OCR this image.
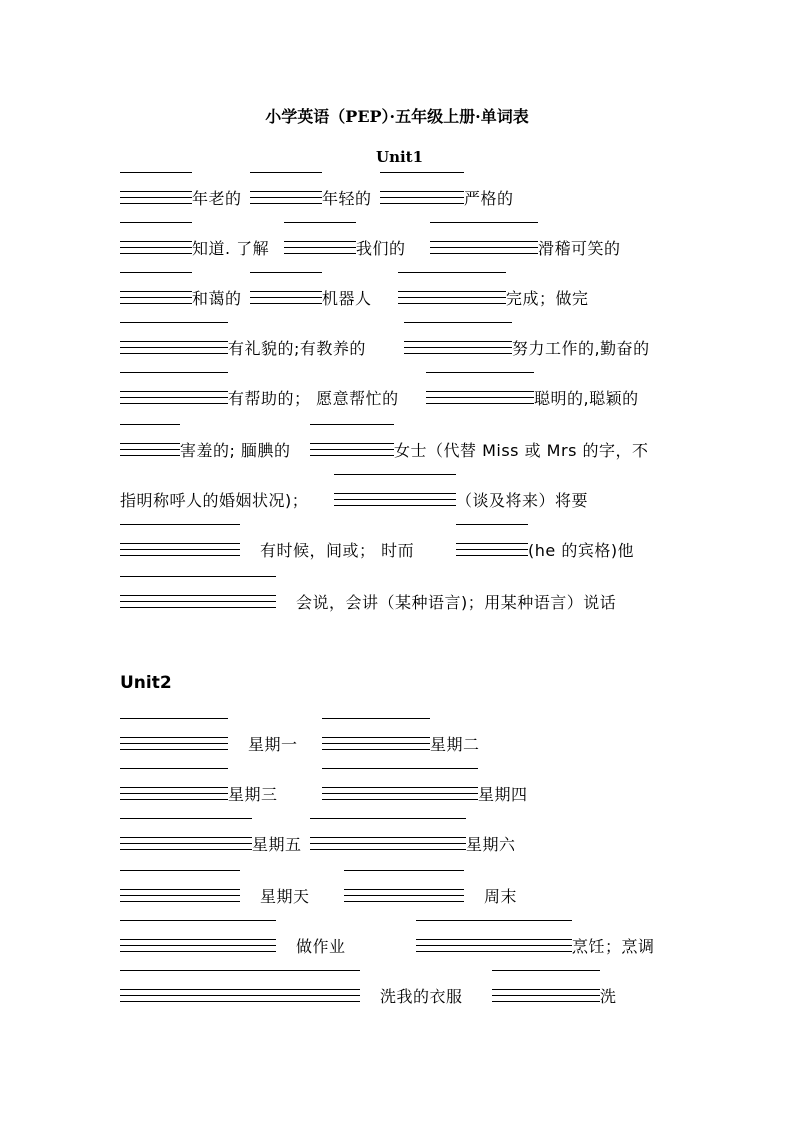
小学英语（PEP）·五年级上册·单词表
Unit1
年老的	年轻的	严格的
知道. 了解	我们的	滑稽可笑的
和蔼的	机器人	完成；做完
有礼貌的;有教养的	努力工作的,勤奋的
有帮助的； 愿意帮忙的	聪明的,聪颖的
害羞的; 腼腆的	女士（代替 Miss 或 Mrs 的字，不
指明称呼人的婚姻状况)；	（谈及将来）将要
有时候，间或； 时而	(he 的宾格)他
会说，会讲（某种语言)；用某种语言）说话
Unit2
星期一	星期二
星期三	星期四
星期五	星期六
星期天	周末
做作业	烹饪；烹调
洗我的衣服	洗
